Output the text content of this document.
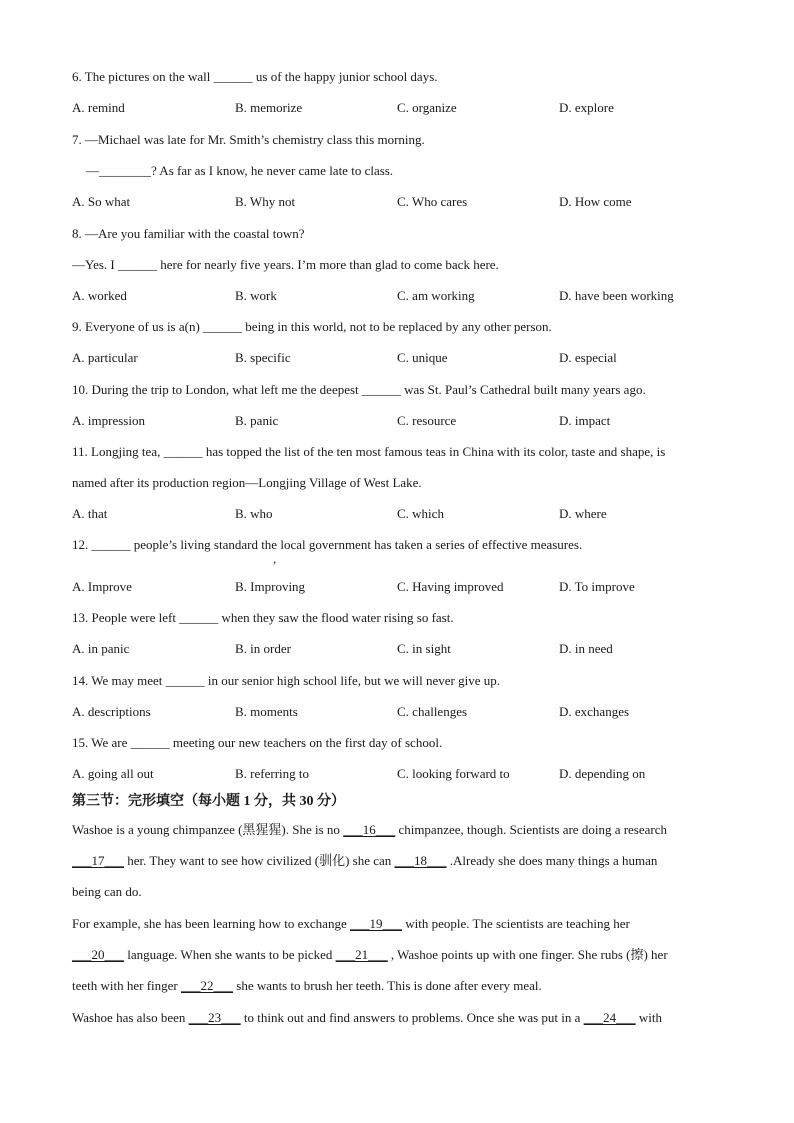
6. The pictures on the wall ______ us of the happy junior school days.
A. remind	B. memorize	C. organize	D. explore
7. —Michael was late for Mr. Smith’s chemistry class this morning.
—________? As far as I know, he never came late to class.
A. So what	B. Why not	C. Who cares	D. How come
8. —Are you familiar with the coastal town?
—Yes. I ______ here for nearly five years. I’m more than glad to come back here.
A. worked	B. work	C. am working	D. have been working
9. Everyone of us is a(n) ______ being in this world, not to be replaced by any other person.
A. particular	B. specific	C. unique	D. especial
10. During the trip to London, what left me the deepest ______ was St. Paul’s Cathedral built many years ago.
A. impression	B. panic	C. resource	D. impact
11. Longjing tea, ______ has topped the list of the ten most famous teas in China with its color, taste and shape, is
named after its production region—Longjing Village of West Lake.
A. that	B. who	C. which	D. where
12. ______ people’s living standard the local government has taken a series of effective measures.
A. Improve	B. Improving	C. Having improved	D. To improve
13. People were left ______ when they saw the flood water rising so fast.
A. in panic	B. in order	C. in sight	D. in need
14. We may meet ______ in our senior high school life, but we will never give up.
A. descriptions	B. moments	C. challenges	D. exchanges
15. We are ______ meeting our new teachers on the first day of school.
A. going all out	B. referring to	C. looking forward to	D. depending on
,
第三节：完形填空（每小题 1 分，共 30 分）
Washoe is a young chimpanzee (黑猩猩). She is no ___16___ chimpanzee, though. Scientists are doing a research
___17___ her. They want to see how civilized (驯化) she can ___18___ .Already she does many things a human
being can do.
For example, she has been learning how to exchange ___19___ with people. The scientists are teaching her
___20___ language. When she wants to be picked ___21___ , Washoe points up with one finger. She rubs (擦) her
teeth with her finger ___22___ she wants to brush her teeth. This is done after every meal.
Washoe has also been ___23___ to think out and find answers to problems. Once she was put in a ___24___ with
